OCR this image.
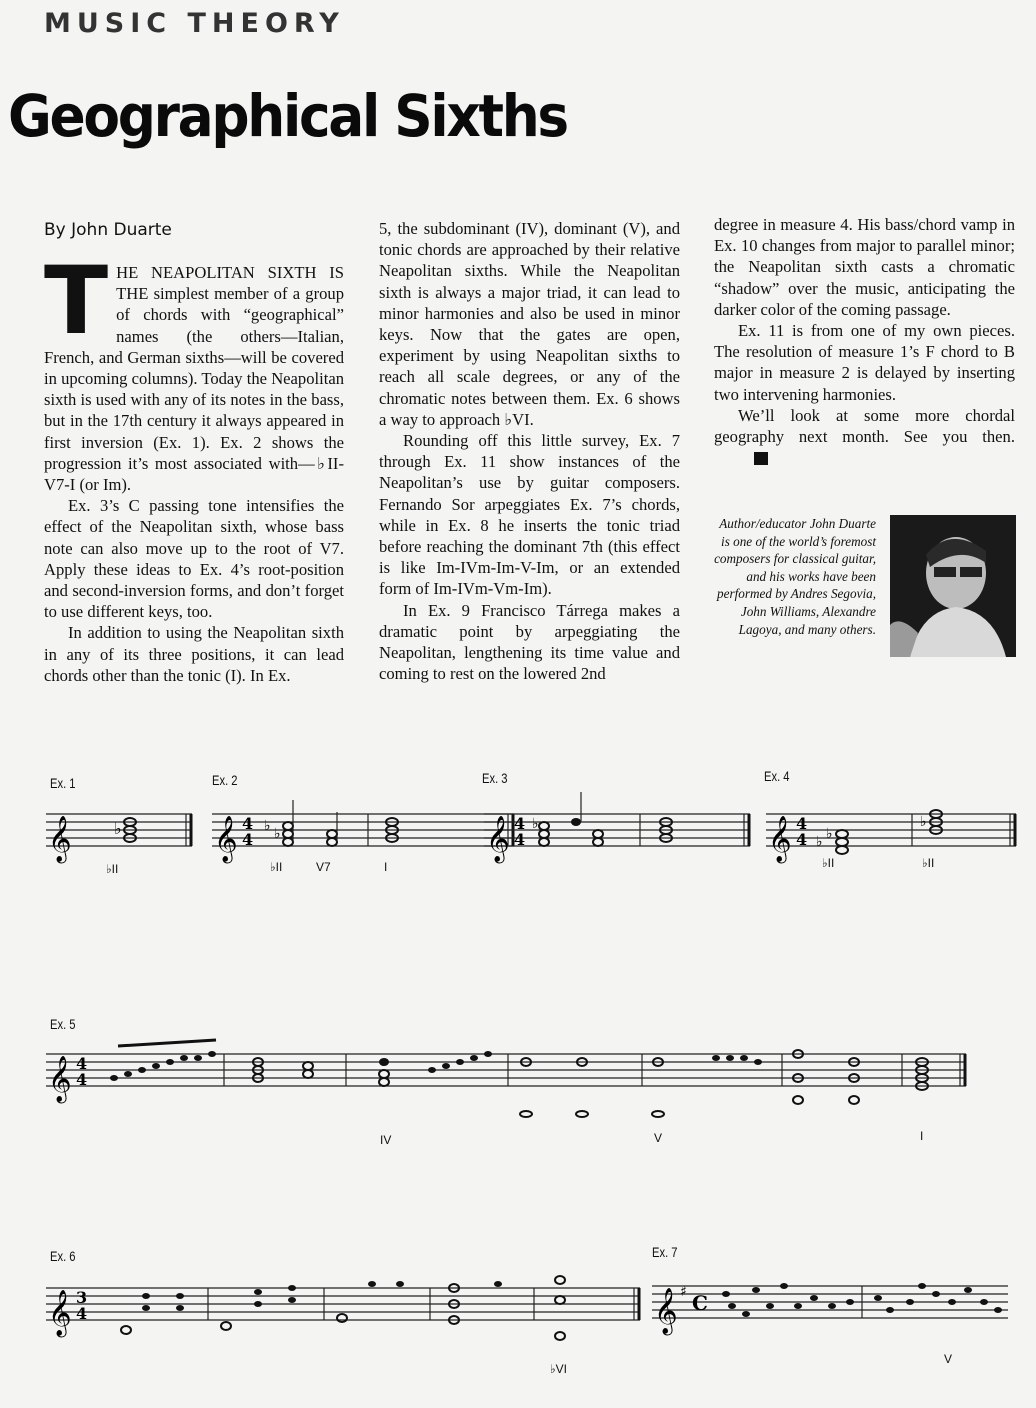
MUSIC THEORY
Geographical Sixths
By John Duarte

THE NEAPOLITAN SIXTH IS THE simplest member of a group of chords with “geographical” names (the others—Italian, French, and German sixths—will be covered in upcoming columns). Today the Neapolitan sixth is used with any of its notes in the bass, but in the 17th century it always appeared in first inversion (Ex. 1). Ex. 2 shows the progression it’s most associated with—♭II-V7-I (or Im).

Ex. 3’s C passing tone intensifies the effect of the Neapolitan sixth, whose bass note can also move up to the root of V7. Apply these ideas to Ex. 4’s root-position and second-inversion forms, and don’t forget to use different keys, too.

In addition to using the Neapolitan sixth in any of its three positions, it can lead chords other than the tonic (I). In Ex.

5, the subdominant (IV), dominant (V), and tonic chords are approached by their relative Neapolitan sixths. While the Neapolitan sixth is always a major triad, it can lead to minor harmonies and also be used in minor keys. Now that the gates are open, experiment by using Neapolitan sixths to reach all scale degrees, or any of the chromatic notes between them. Ex. 6 shows a way to approach ♭VI.

Rounding off this little survey, Ex. 7 through Ex. 11 show instances of the Neapolitan’s use by guitar composers. Fernando Sor arpeggiates Ex. 7’s chords, while in Ex. 8 he inserts the tonic triad before reaching the dominant 7th (this effect is like Im-IVm-Im-V-Im, or an extended form of Im-IVm-Vm-Im).

In Ex. 9 Francisco Tárrega makes a dramatic point by arpeggiating the Neapolitan, lengthening its time value and coming to rest on the lowered 2nd

degree in measure 4. His bass/chord vamp in Ex. 10 changes from major to parallel minor; the Neapolitan sixth casts a chromatic “shadow” over the music, anticipating the darker color of the coming passage.

Ex. 11 is from one of my own pieces. The resolution of measure 1’s F chord to B major in measure 2 is delayed by inserting two intervening harmonies.

We’ll look at some more chordal geography next month. See you then.

Author/educator John Duarte is one of the world’s foremost composers for classical guitar, and his works have been performed by Andres Segovia, John Williams, Alexandre Lagoya, and many others.
Ex. 1	Ex. 2	Ex. 3	Ex. 4
𝄞	♭ 𝄞 4
4
♭ ♭	𝄞 4
4
♭	𝄞 4
4 ♭ ♭
♭
♭II	♭II	V7	I	♭II	♭II
Ex. 5
𝄞 4
4
IV	V	I
Ex. 6
𝄞 3
4
♭VI
Ex. 7
𝄞 ♯ C
V
